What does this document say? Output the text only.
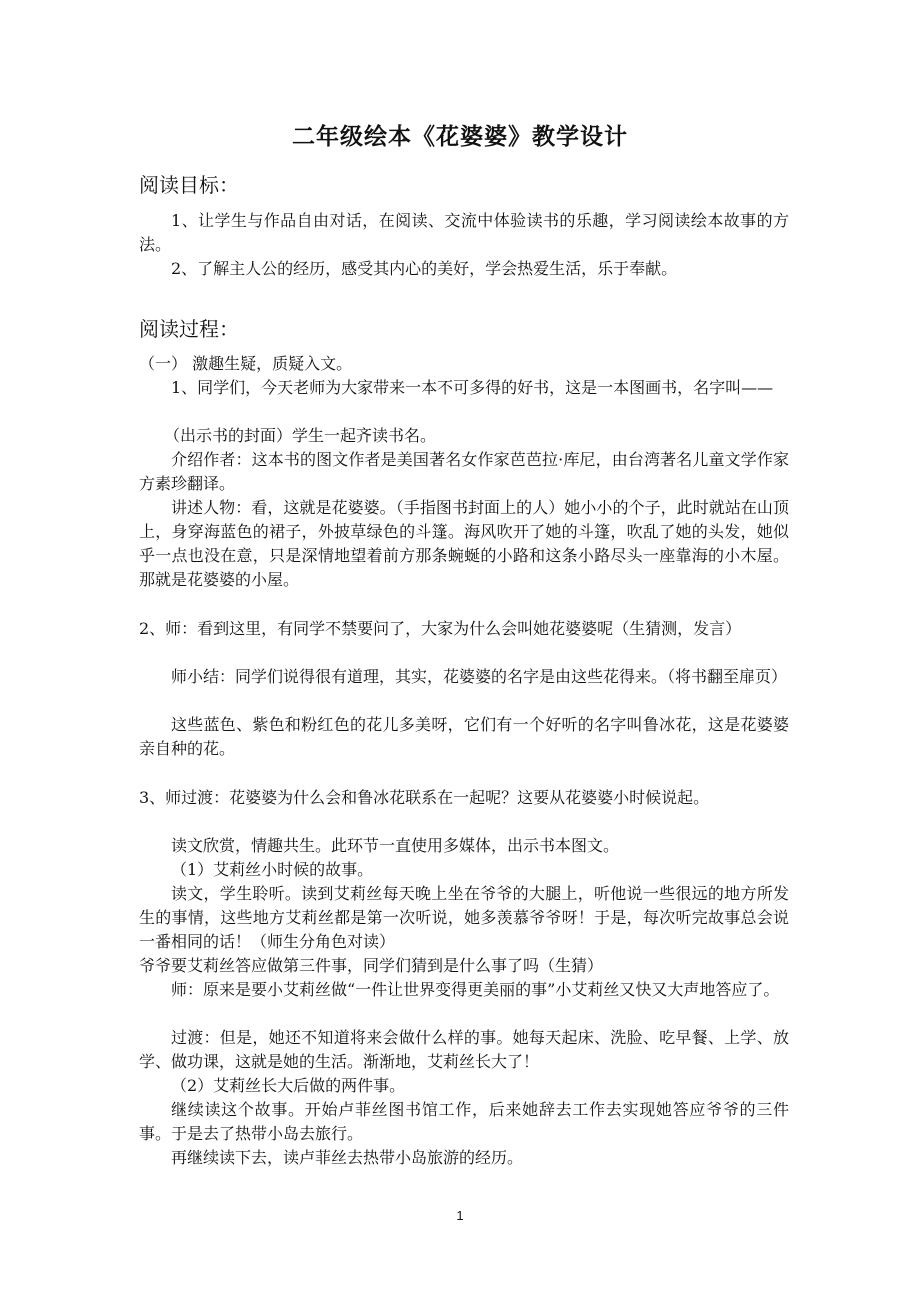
二年级绘本《花婆婆》教学设计
阅读目标：

1、让学生与作品自由对话，在阅读、交流中体验读书的乐趣，学习阅读绘本故事的方法。

2、了解主人公的经历，感受其内心的美好，学会热爱生活，乐于奉献。

阅读过程：

（一） 激趣生疑，质疑入文。

1、同学们，今天老师为大家带来一本不可多得的好书，这是一本图画书，名字叫——

（出示书的封面）学生一起齐读书名。

介绍作者：这本书的图文作者是美国著名女作家芭芭拉·库尼，由台湾著名儿童文学作家方素珍翻译。

讲述人物：看，这就是花婆婆。（手指图书封面上的人）她小小的个子，此时就站在山顶上，身穿海蓝色的裙子，外披草绿色的斗篷。海风吹开了她的斗篷，吹乱了她的头发，她似乎一点也没在意，只是深情地望着前方那条蜿蜒的小路和这条小路尽头一座靠海的小木屋。那就是花婆婆的小屋。

2、师：看到这里，有同学不禁要问了，大家为什么会叫她花婆婆呢（生猜测，发言）

师小结：同学们说得很有道理，其实，花婆婆的名字是由这些花得来。（将书翻至扉页）

这些蓝色、紫色和粉红色的花儿多美呀，它们有一个好听的名字叫鲁冰花，这是花婆婆亲自种的花。

3、师过渡：花婆婆为什么会和鲁冰花联系在一起呢？这要从花婆婆小时候说起。

读文欣赏，情趣共生。此环节一直使用多媒体，出示书本图文。

（1）艾莉丝小时候的故事。

读文，学生聆听。读到艾莉丝每天晚上坐在爷爷的大腿上，听他说一些很远的地方所发生的事情，这些地方艾莉丝都是第一次听说，她多羡慕爷爷呀！于是，每次听完故事总会说一番相同的话！（师生分角色对读）

爷爷要艾莉丝答应做第三件事，同学们猜到是什么事了吗（生猜）

师：原来是要小艾莉丝做“一件让世界变得更美丽的事”小艾莉丝又快又大声地答应了。

过渡：但是，她还不知道将来会做什么样的事。她每天起床、洗脸、吃早餐、上学、放学、做功课，这就是她的生活。渐渐地，艾莉丝长大了！

（2）艾莉丝长大后做的两件事。

继续读这个故事。开始卢菲丝图书馆工作，后来她辞去工作去实现她答应爷爷的三件事。于是去了热带小岛去旅行。

再继续读下去，读卢菲丝去热带小岛旅游的经历。

1
